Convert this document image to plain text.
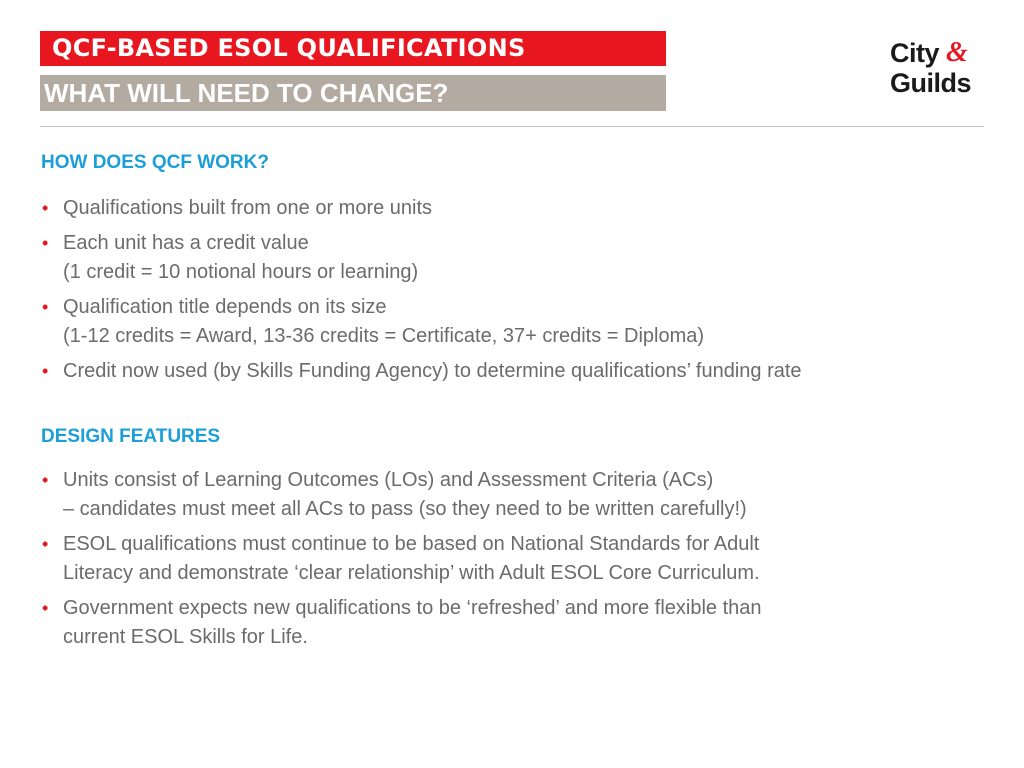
QCF-BASED ESOL QUALIFICATIONS
WHAT WILL NEED TO CHANGE?
City &
Guilds
HOW DOES QCF WORK?
• Qualifications built from one or more units
• Each unit has a credit value
(1 credit = 10 notional hours or learning)
• Qualification title depends on its size
(1-12 credits = Award, 13-36 credits = Certificate, 37+ credits = Diploma)
• Credit now used (by Skills Funding Agency) to determine qualifications’ funding rate
DESIGN FEATURES
• Units consist of Learning Outcomes (LOs) and Assessment Criteria (ACs)
– candidates must meet all ACs to pass (so they need to be written carefully!)
• ESOL qualifications must continue to be based on National Standards for Adult
Literacy and demonstrate ‘clear relationship’ with Adult ESOL Core Curriculum.
• Government expects new qualifications to be ‘refreshed’ and more flexible than
current ESOL Skills for Life.
